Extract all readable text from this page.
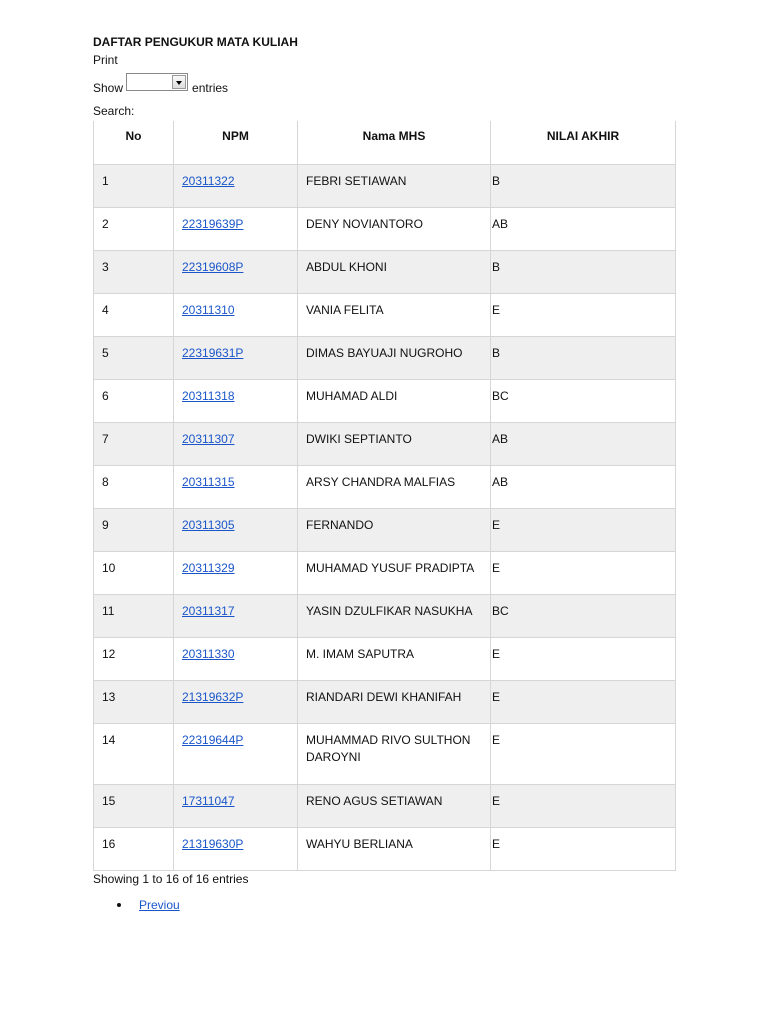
DAFTAR PENGUKUR MATA KULIAH
Print
Show	entries
Search:
No	NPM	Nama MHS	NILAI AKHIR
1	20311322	FEBRI SETIAWAN	B
2	22319639P	DENY NOVIANTORO	AB
3	22319608P	ABDUL KHONI	B
4	20311310	VANIA FELITA	E
5	22319631P	DIMAS BAYUAJI NUGROHO	B
6	20311318	MUHAMAD ALDI	BC
7	20311307	DWIKI SEPTIANTO	AB
8	20311315	ARSY CHANDRA MALFIAS	AB
9	20311305	FERNANDO	E
10	20311329	MUHAMAD YUSUF PRADIPTA	E
11	20311317	YASIN DZULFIKAR NASUKHA	BC
12	20311330	M. IMAM SAPUTRA	E
13	21319632P	RIANDARI DEWI KHANIFAH	E
14	22319644P	MUHAMMAD RIVO SULTHON DAROYNI	E
15	17311047	RENO AGUS SETIAWAN	E
16	21319630P	WAHYU BERLIANA	E
Showing 1 to 16 of 16 entries
Previou
